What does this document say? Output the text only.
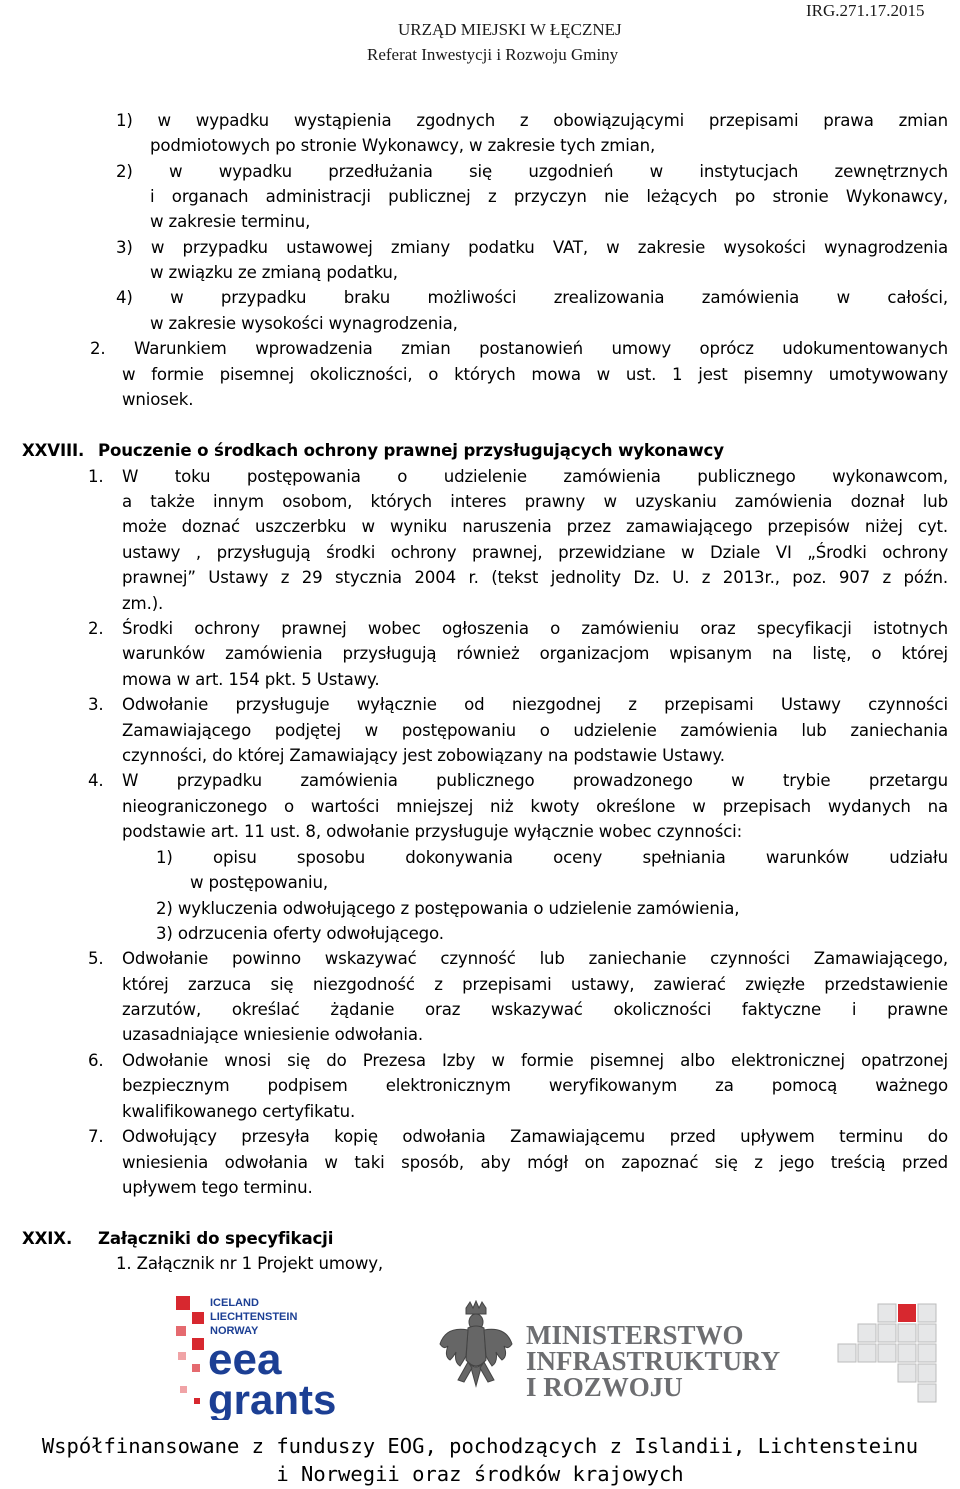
IRG.271.17.2015
URZĄD MIEJSKI W ŁĘCZNEJ
Referat Inwestycji i Rozwoju Gminy
1) w wypadku wystąpienia zgodnych z obowiązującymi przepisami prawa zmian
podmiotowych po stronie Wykonawcy, w zakresie tych zmian,
2) w wypadku przedłużania się uzgodnień w instytucjach zewnętrznych
i organach administracji publicznej z przyczyn nie leżących po stronie Wykonawcy,
w zakresie terminu,
3) w przypadku ustawowej zmiany podatku VAT, w zakresie wysokości wynagrodzenia
w związku ze zmianą podatku,
4) w przypadku braku możliwości zrealizowania zamówienia w całości,
w zakresie wysokości wynagrodzenia,
2. Warunkiem wprowadzenia zmian postanowień umowy oprócz udokumentowanych
w formie pisemnej okoliczności, o których mowa w ust. 1 jest pisemny umotywowany
wniosek.
XXVIII. Pouczenie o środkach ochrony prawnej przysługujących wykonawcy
1.	W toku postępowania o udzielenie zamówienia publicznego wykonawcom,
a także innym osobom, których interes prawny w uzyskaniu zamówienia doznał lub
może doznać uszczerbku w wyniku naruszenia przez zamawiającego przepisów niżej cyt.
ustawy , przysługują środki ochrony prawnej, przewidziane w Dziale VI „Środki ochrony
prawnej” Ustawy z 29 stycznia 2004 r. (tekst jednolity Dz. U. z 2013r., poz. 907 z późn.
zm.).
2.	Środki ochrony prawnej wobec ogłoszenia o zamówieniu oraz specyfikacji istotnych
warunków zamówienia przysługują również organizacjom wpisanym na listę, o której
mowa w art. 154 pkt. 5 Ustawy.
3.	Odwołanie przysługuje wyłącznie od niezgodnej z przepisami Ustawy czynności
Zamawiającego podjętej w postępowaniu o udzielenie zamówienia lub zaniechania
czynności, do której Zamawiający jest zobowiązany na podstawie Ustawy.
4.	W przypadku zamówienia publicznego prowadzonego w trybie przetargu
nieograniczonego o wartości mniejszej niż kwoty określone w przepisach wydanych na
podstawie art. 11 ust. 8, odwołanie przysługuje wyłącznie wobec czynności:
1) opisu sposobu dokonywania oceny spełniania warunków udziału
w postępowaniu,
2) wykluczenia odwołującego z postępowania o udzielenie zamówienia,
3) odrzucenia oferty odwołującego.
5.	Odwołanie powinno wskazywać czynność lub zaniechanie czynności Zamawiającego,
której zarzuca się niezgodność z przepisami ustawy, zawierać zwięzłe przedstawienie
zarzutów, określać żądanie oraz wskazywać okoliczności faktyczne i prawne
uzasadniające wniesienie odwołania.
6.	Odwołanie wnosi się do Prezesa Izby w formie pisemnej albo elektronicznej opatrzonej
bezpiecznym podpisem elektronicznym weryfikowanym za pomocą ważnego
kwalifikowanego certyfikatu.
7.	Odwołujący przesyła kopię odwołania Zamawiającemu przed upływem terminu do
wniesienia odwołania w taki sposób, aby mógł on zapoznać się z jego treścią przed
upływem tego terminu.
XXIX.	Załączniki do specyfikacji
1. Załącznik nr 1 Projekt umowy,
ICELAND
LIECHTENSTEIN
NORWAY
eea
grants
MINISTERSTWO
INFRASTRUKTURY
I ROZWOJU
Współfinansowane z funduszy EOG, pochodzących z Islandii, Lichtensteinu
i Norwegii oraz środków krajowych
